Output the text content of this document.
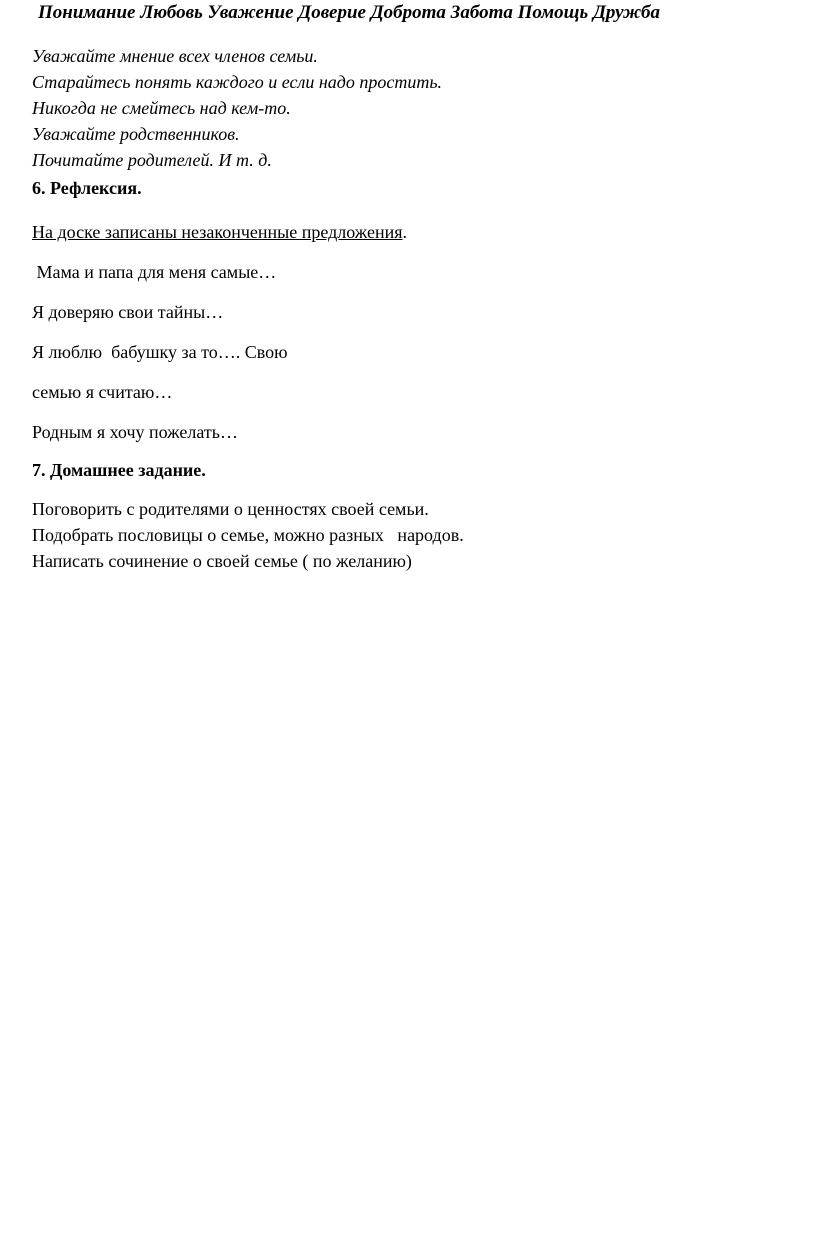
Понимание Любовь Уважение Доверие Доброта Забота Помощь Дружба
Уважайте мнение всех членов семьи.
Старайтесь понять каждого и если надо простить.
Никогда не смейтесь над кем-то.
Уважайте родственников.
Почитайте родителей. И т. д.
6. Рефлексия.
На доске записаны незаконченные предложения.
Мама и папа для меня самые…
Я доверяю свои тайны…
Я люблю  бабушку за то…. Свою
семью я считаю…
Родным я хочу пожелать…
7. Домашнее задание.
Поговорить с родителями о ценностях своей семьи.
Подобрать пословицы о семье, можно разных   народов.
Написать сочинение о своей семье ( по желанию)
